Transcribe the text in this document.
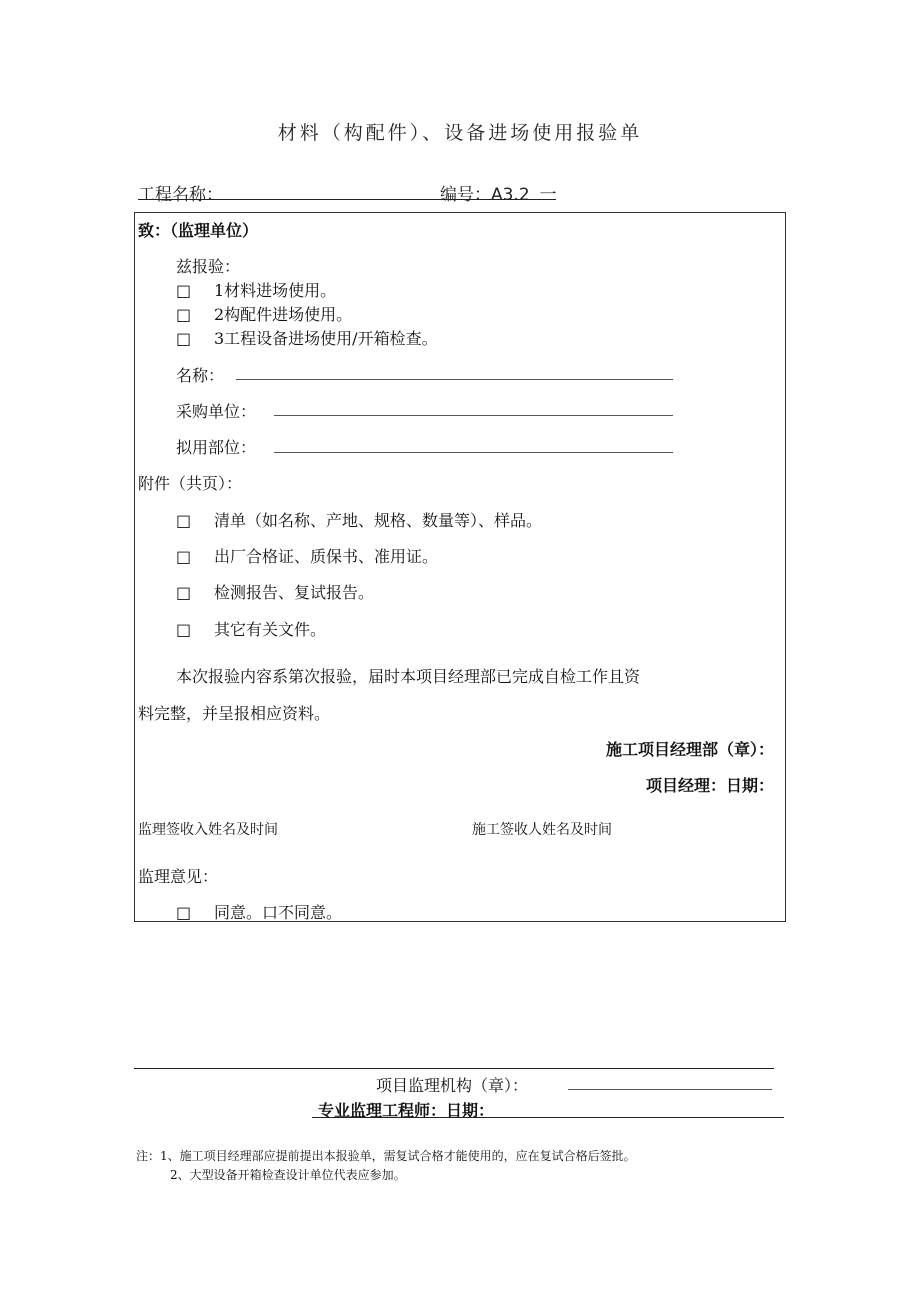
材料（构配件）、设备进场使用报验单
工程名称：	编号：A3.2 一
致：（监理单位）
兹报验：
□ 1材料进场使用。
□ 2构配件进场使用。
□ 3工程设备进场使用/开箱检查。
名称：
采购单位：
拟用部位：
附件（共页）：
□ 清单（如名称、产地、规格、数量等）、样品。
□ 出厂合格证、质保书、准用证。
□ 检测报告、复试报告。
□ 其它有关文件。
本次报验内容系第次报验，届时本项目经理部已完成自检工作且资
料完整，并呈报相应资料。
施工项目经理部（章）：
项目经理：日期：
监理签收入姓名及时间	施工签收人姓名及时间
监理意见：
□ 同意。口不同意。
项目监理机构（章）：
专业监理工程师：日期：
注：1、施工项目经理部应提前提出本报验单，需复试合格才能使用的，应在复试合格后签批。
2、大型设备开箱检查设计单位代表应参加。
